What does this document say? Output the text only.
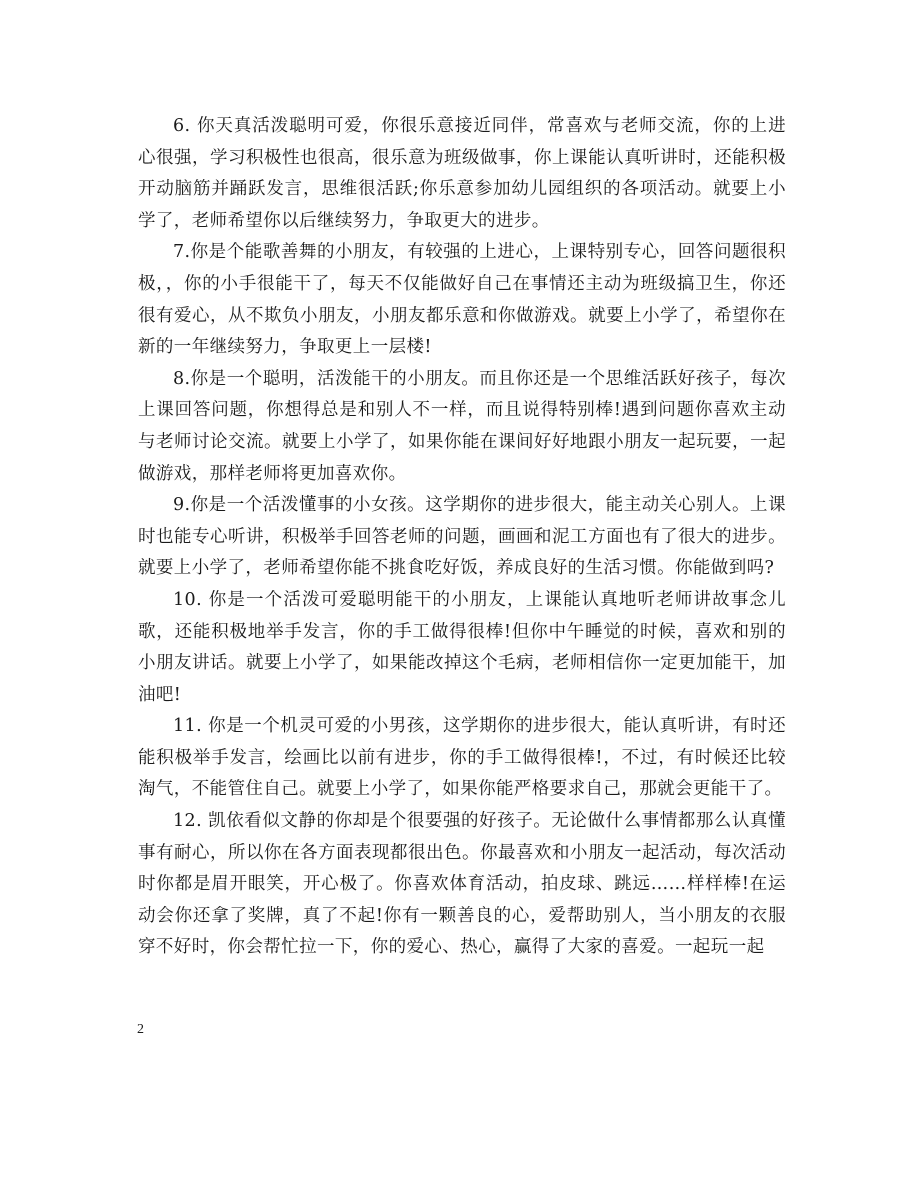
6. 你天真活泼聪明可爱，你很乐意接近同伴，常喜欢与老师交流，你的上进心很强，学习积极性也很高，很乐意为班级做事，你上课能认真听讲时，还能积极开动脑筋并踊跃发言，思维很活跃;你乐意参加幼儿园组织的各项活动。就要上小学了，老师希望你以后继续努力，争取更大的进步。

7.你是个能歌善舞的小朋友，有较强的上进心，上课特别专心，回答问题很积极，，你的小手很能干了，每天不仅能做好自己在事情还主动为班级搞卫生，你还很有爱心，从不欺负小朋友，小朋友都乐意和你做游戏。就要上小学了，希望你在新的一年继续努力，争取更上一层楼!

8.你是一个聪明，活泼能干的小朋友。而且你还是一个思维活跃好孩子，每次上课回答问题，你想得总是和别人不一样，而且说得特别棒!遇到问题你喜欢主动与老师讨论交流。就要上小学了，如果你能在课间好好地跟小朋友一起玩要，一起做游戏，那样老师将更加喜欢你。

9.你是一个活泼懂事的小女孩。这学期你的进步很大，能主动关心别人。上课时也能专心听讲，积极举手回答老师的问题，画画和泥工方面也有了很大的进步。就要上小学了，老师希望你能不挑食吃好饭，养成良好的生活习惯。你能做到吗?

10. 你是一个活泼可爱聪明能干的小朋友，上课能认真地听老师讲故事念儿歌，还能积极地举手发言，你的手工做得很棒!但你中午睡觉的时候，喜欢和别的小朋友讲话。就要上小学了，如果能改掉这个毛病，老师相信你一定更加能干，加油吧!

11. 你是一个机灵可爱的小男孩，这学期你的进步很大，能认真听讲，有时还能积极举手发言，绘画比以前有进步，你的手工做得很棒!，不过，有时候还比较淘气，不能管住自己。就要上小学了，如果你能严格要求自己，那就会更能干了。

12. 凯依看似文静的你却是个很要强的好孩子。无论做什么事情都那么认真懂事有耐心，所以你在各方面表现都很出色。你最喜欢和小朋友一起活动，每次活动时你都是眉开眼笑，开心极了。你喜欢体育活动，拍皮球、跳远……样样棒!在运动会你还拿了奖牌，真了不起!你有一颗善良的心，爱帮助别人，当小朋友的衣服穿不好时，你会帮忙拉一下，你的爱心、热心，赢得了大家的喜爱。一起玩一起

2
